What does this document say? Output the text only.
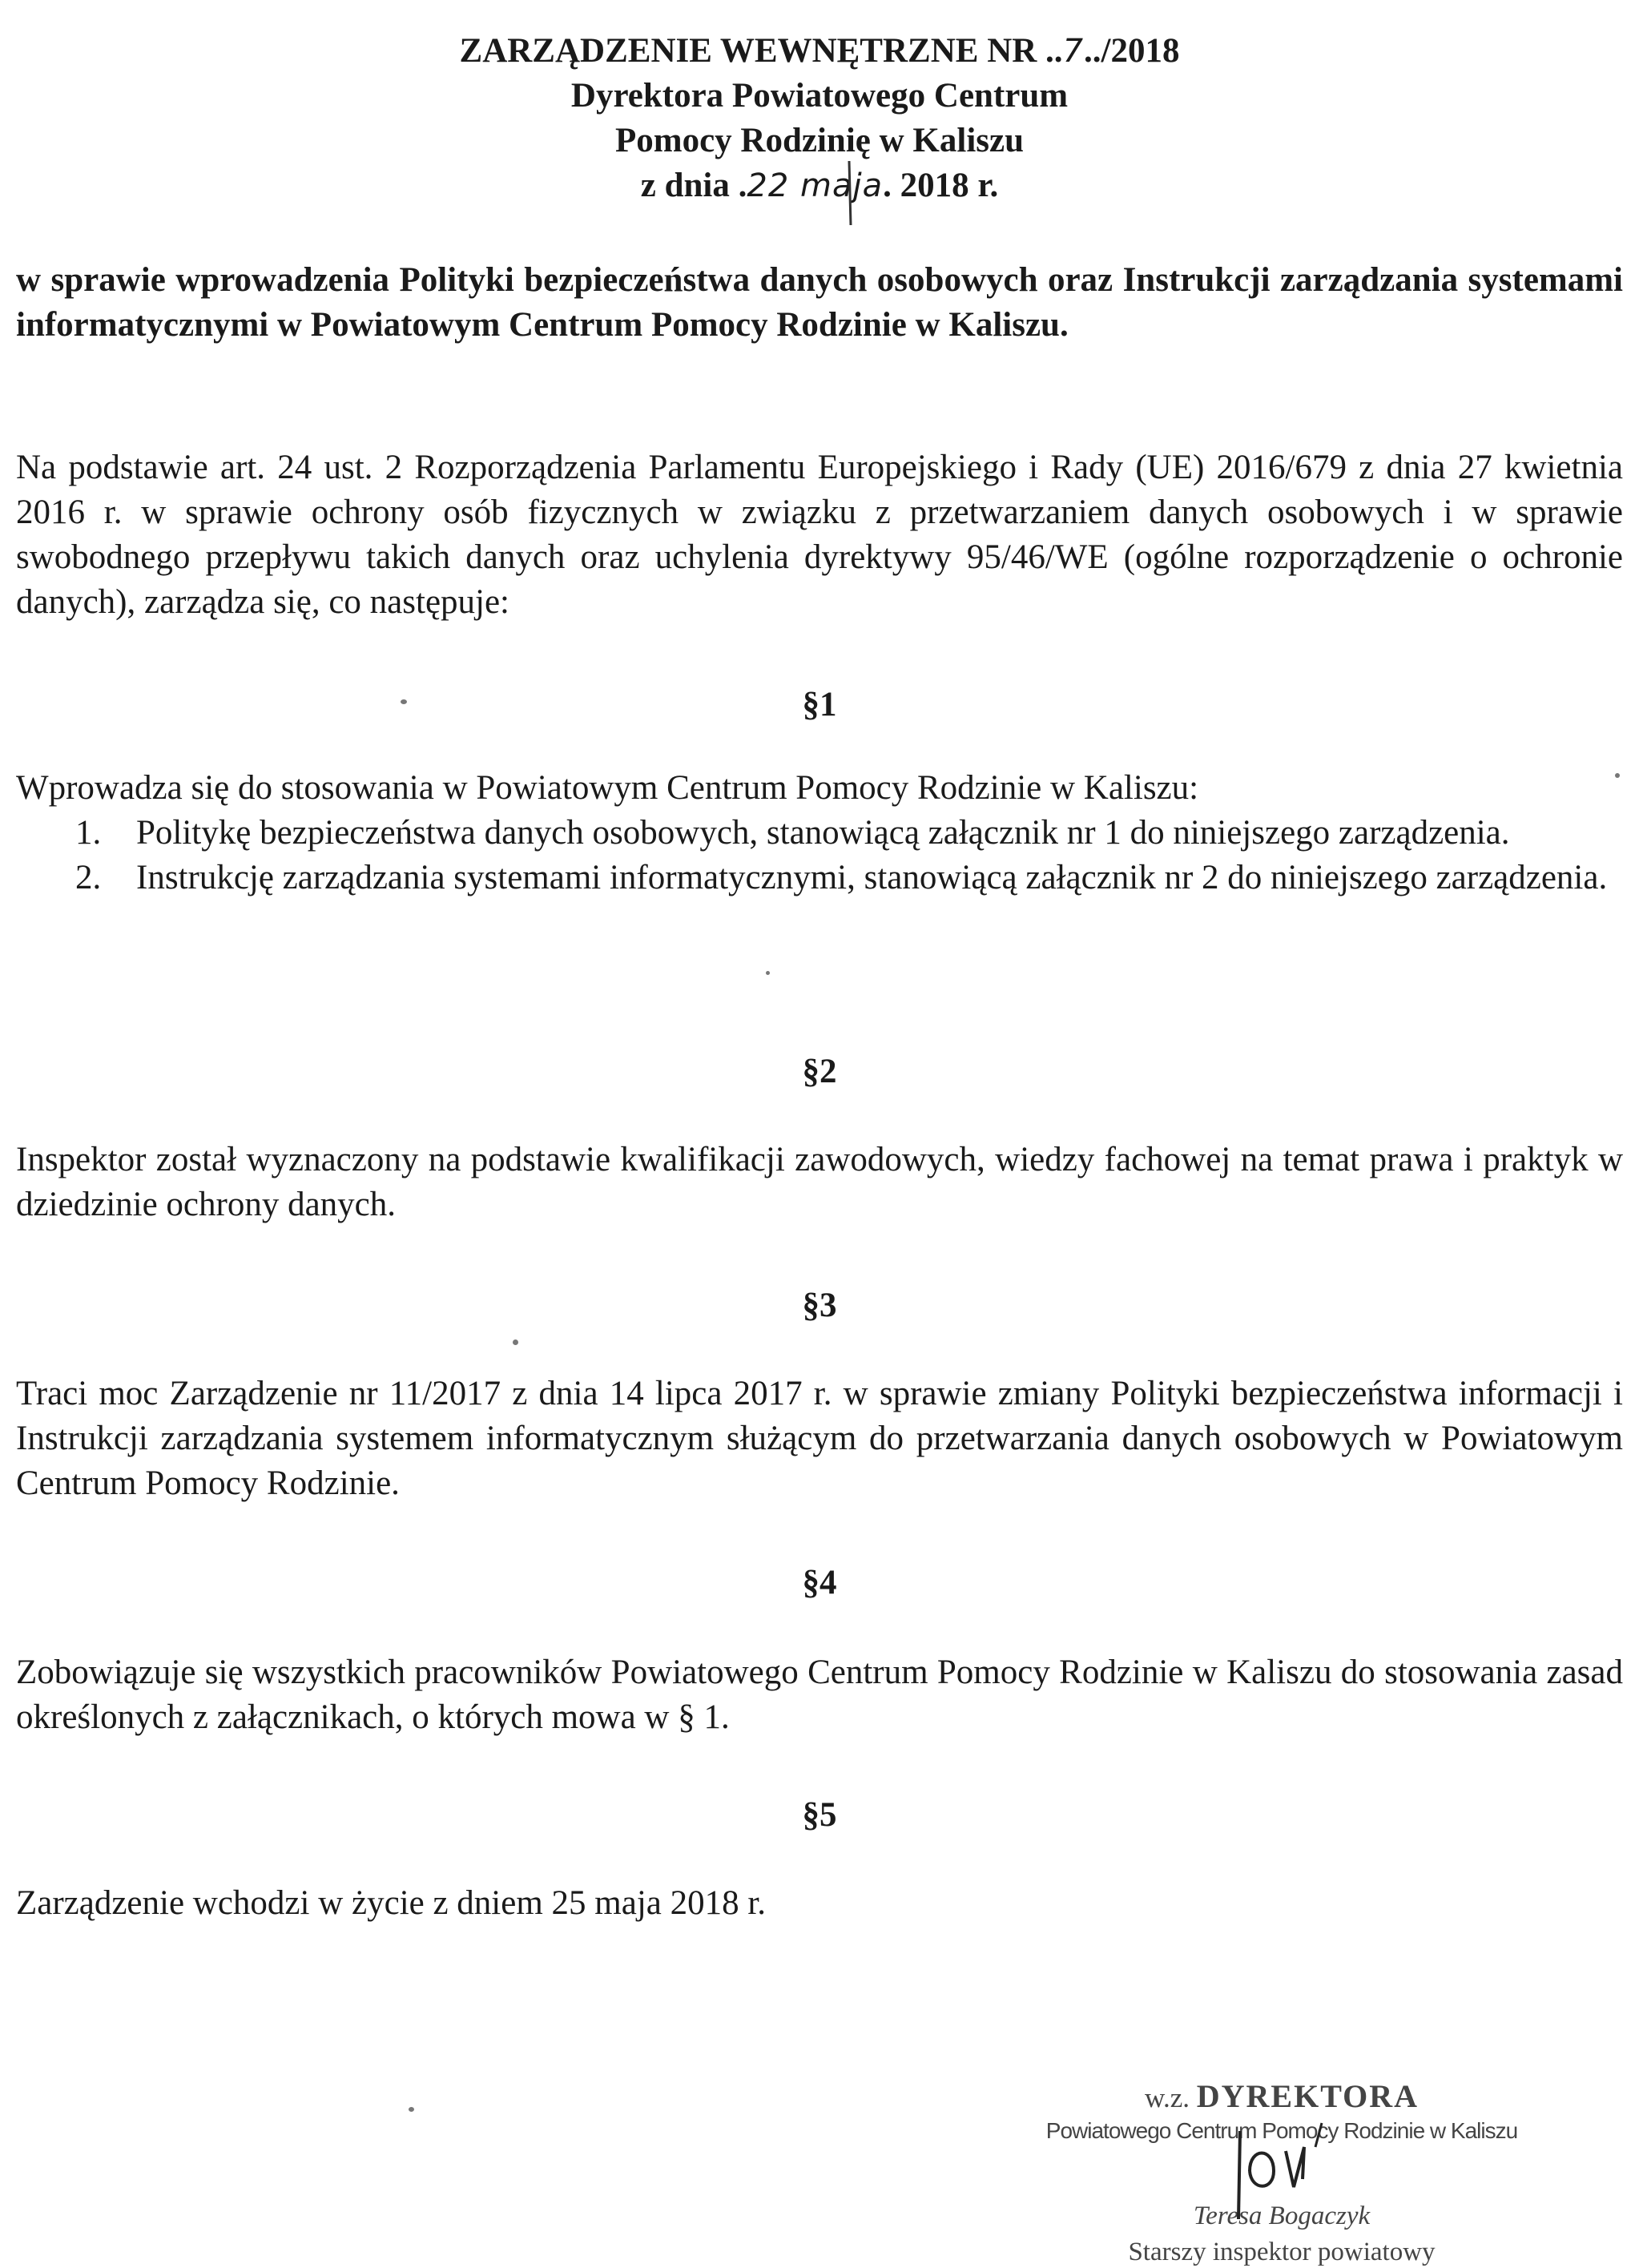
ZARZĄDZENIE WEWNĘTRZNE NR ..7../2018
Dyrektora Powiatowego Centrum
Pomocy Rodzinię w Kaliszu
z dnia .22 maja. 2018 r.
w sprawie wprowadzenia Polityki bezpieczeństwa danych osobowych oraz Instrukcji zarządzania systemami informatycznymi w Powiatowym Centrum Pomocy Rodzinie w Kaliszu.
Na podstawie art. 24 ust. 2 Rozporządzenia Parlamentu Europejskiego i Rady (UE) 2016/679 z dnia 27 kwietnia 2016 r. w sprawie ochrony osób fizycznych w związku z przetwarzaniem danych osobowych i w sprawie swobodnego przepływu takich danych oraz uchylenia dyrektywy 95/46/WE (ogólne rozporządzenie o ochronie danych), zarządza się, co następuje:
§1
Wprowadza się do stosowania w Powiatowym Centrum Pomocy Rodzinie w Kaliszu:
1. Politykę bezpieczeństwa danych osobowych, stanowiącą załącznik nr 1 do niniejszego zarządzenia.
2. Instrukcję zarządzania systemami informatycznymi, stanowiącą załącznik nr 2 do niniejszego zarządzenia.
§2
Inspektor został wyznaczony na podstawie kwalifikacji zawodowych, wiedzy fachowej na temat prawa i praktyk w dziedzinie ochrony danych.
§3
Traci moc Zarządzenie nr 11/2017 z dnia 14 lipca 2017 r. w sprawie zmiany Polityki bezpieczeństwa informacji i Instrukcji zarządzania systemem informatycznym służącym do przetwarzania danych osobowych w Powiatowym Centrum Pomocy Rodzinie.
§4
Zobowiązuje się wszystkich pracowników Powiatowego Centrum Pomocy Rodzinie w Kaliszu do stosowania zasad określonych z załącznikach, o których mowa w § 1.
§5
Zarządzenie wchodzi w życie z dniem 25 maja 2018 r.
w.z. DYREKTORA
Powiatowego Centrum Pomocy Rodzinie w Kaliszu
Teresa Bogaczyk
Starszy inspektor powiatowy
